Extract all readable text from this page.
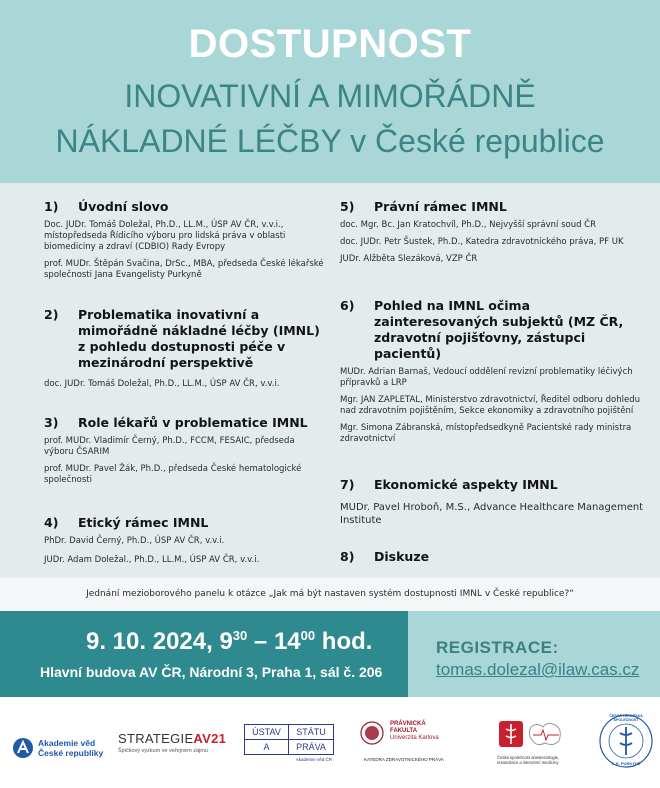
DOSTUPNOST
INOVATIVNÍ A MIMOŘÁDNĚ
NÁKLADNÉ LÉČBY v České republice
1)	Úvodní slovo
Doc. JUDr. Tomáš Doležal, Ph.D., LL.M., ÚSP AV ČR, v.v.i., místopředseda Řídicího výboru pro lidská práva v oblasti biomediciny a zdraví (CDBIO) Rady Evropy
prof. MUDr. Štěpán Svačina, DrSc., MBA, předseda České lékařské společnosti Jana Evangelisty Purkyně
2)	Problematika inovativní a mimořádně nákladné léčby (IMNL) z pohledu dostupnosti péče v mezinárodní perspektivě
doc. JUDr. Tomáš Doležal, Ph.D., LL.M., ÚSP AV ČR, v.v.i.
3)	Role lékařů v problematice IMNL
prof. MUDr. Vladimír Černý, Ph.D., FCCM, FESAIC, předseda výboru ČSARIM
prof. MUDr. Pavel Žák, Ph.D., předseda České hematologické společnosti
4)	Etický rámec IMNL
PhDr. David Černý, Ph.D., ÚSP AV ČR, v.v.i.
JUDr. Adam Doležal., Ph.D., LL.M., ÚSP AV ČR, v.v.i.
5)	Právní rámec IMNL
doc. Mgr. Bc. Jan Kratochvíl, Ph.D., Nejvyšší správní soud ČR
doc. JUDr. Petr Šustek, Ph.D., Katedra zdravotnického práva, PF UK
JUDr. Alžběta Slezáková, VZP ČR
6)	Pohled na IMNL očima zainteresovaných subjektů (MZ ČR, zdravotní pojišťovny, zástupci pacientů)
MUDr. Adrian Barnaš, Vedoucí oddělení revizní problematiky léčivých přípravků a LRP
Mgr. JAN ZAPLETAL, Ministerstvo zdravotnictví, Ředitel odboru dohledu nad zdravotním pojištěním, Sekce ekonomiky a zdravotního pojištění
Mgr. Simona Zábranská, místopředsedkyně Pacientské rady ministra zdravotnictví
7)	Ekonomické aspekty IMNL
MUDr. Pavel Hroboň, M.S., Advance Healthcare Management Institute
8)	Diskuze
Jednání mezioborového panelu k otázce „Jak má být nastaven systém dostupnosti IMNL v České republice?“
9. 10. 2024, $9^{30} - 14^{00}$ hod.
Hlavní budova AV ČR, Národní 3, Praha 1, sál č. 206
REGISTRACE:
tomas.dolezal@ilaw.cas.cz
Akademie věd
České republiky
STRATEGIEAV21
Špičkový výzkum ve veřejném zájmu
ÚSTAV	STÁTU
A	PRÁVA
Akademie věd ČR
PRÁVNICKÁ
FAKULTA
Univerzita Karlova
KATEDRA ZDRAVOTNICKÉHO PRÁVA	Česká společnost anesteziologie,
resuscitace a intenzivní medicíny
ČESKÁ LÉKAŘSKÁ SPOLEČNOST
J. E. PURKYNĚ
